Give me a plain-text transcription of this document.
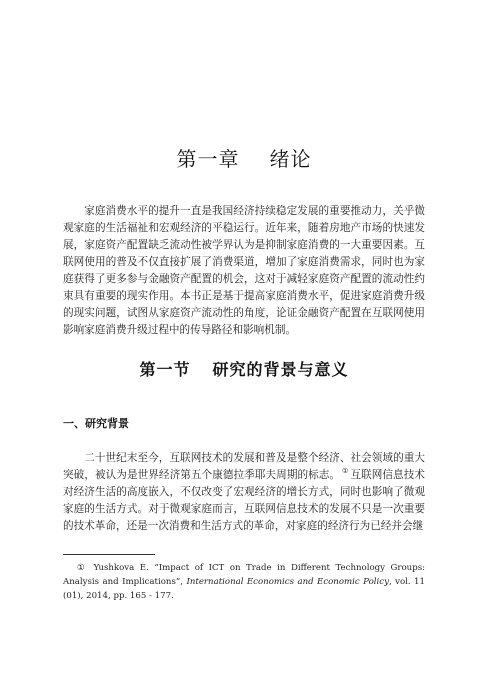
第一章 绪论

家庭消费水平的提升一直是我国经济持续稳定发展的重要推动力，关乎微观家庭的生活福祉和宏观经济的平稳运行。近年来，随着房地产市场的快速发展，家庭资产配置缺乏流动性被学界认为是抑制家庭消费的一大重要因素。互联网使用的普及不仅直接扩展了消费渠道，增加了家庭消费需求，同时也为家庭获得了更多参与金融资产配置的机会，这对于减轻家庭资产配置的流动性约束具有重要的现实作用。本书正是基于提高家庭消费水平，促进家庭消费升级的现实问题，试图从家庭资产流动性的角度，论证金融资产配置在互联网使用影响家庭消费升级过程中的传导路径和影响机制。

第一节 研究的背景与意义
一、研究背景

二十世纪末至今，互联网技术的发展和普及是整个经济、社会领域的重大突破，被认为是世界经济第五个康德拉季耶夫周期的标志。 ① 互联网信息技术对经济生活的高度嵌入，不仅改变了宏观经济的增长方式，同时也影响了微观家庭的生活方式。对于微观家庭而言，互联网信息技术的发展不只是一次重要的技术革命，还是一次消费和生活方式的革命，对家庭的经济行为已经并会继

① Yushkova E. “Impact of ICT on Trade in Different Technology Groups: Analysis and Implications”, International Economics and Economic Policy, vol. 11 (01), 2014, pp. 165 - 177.
